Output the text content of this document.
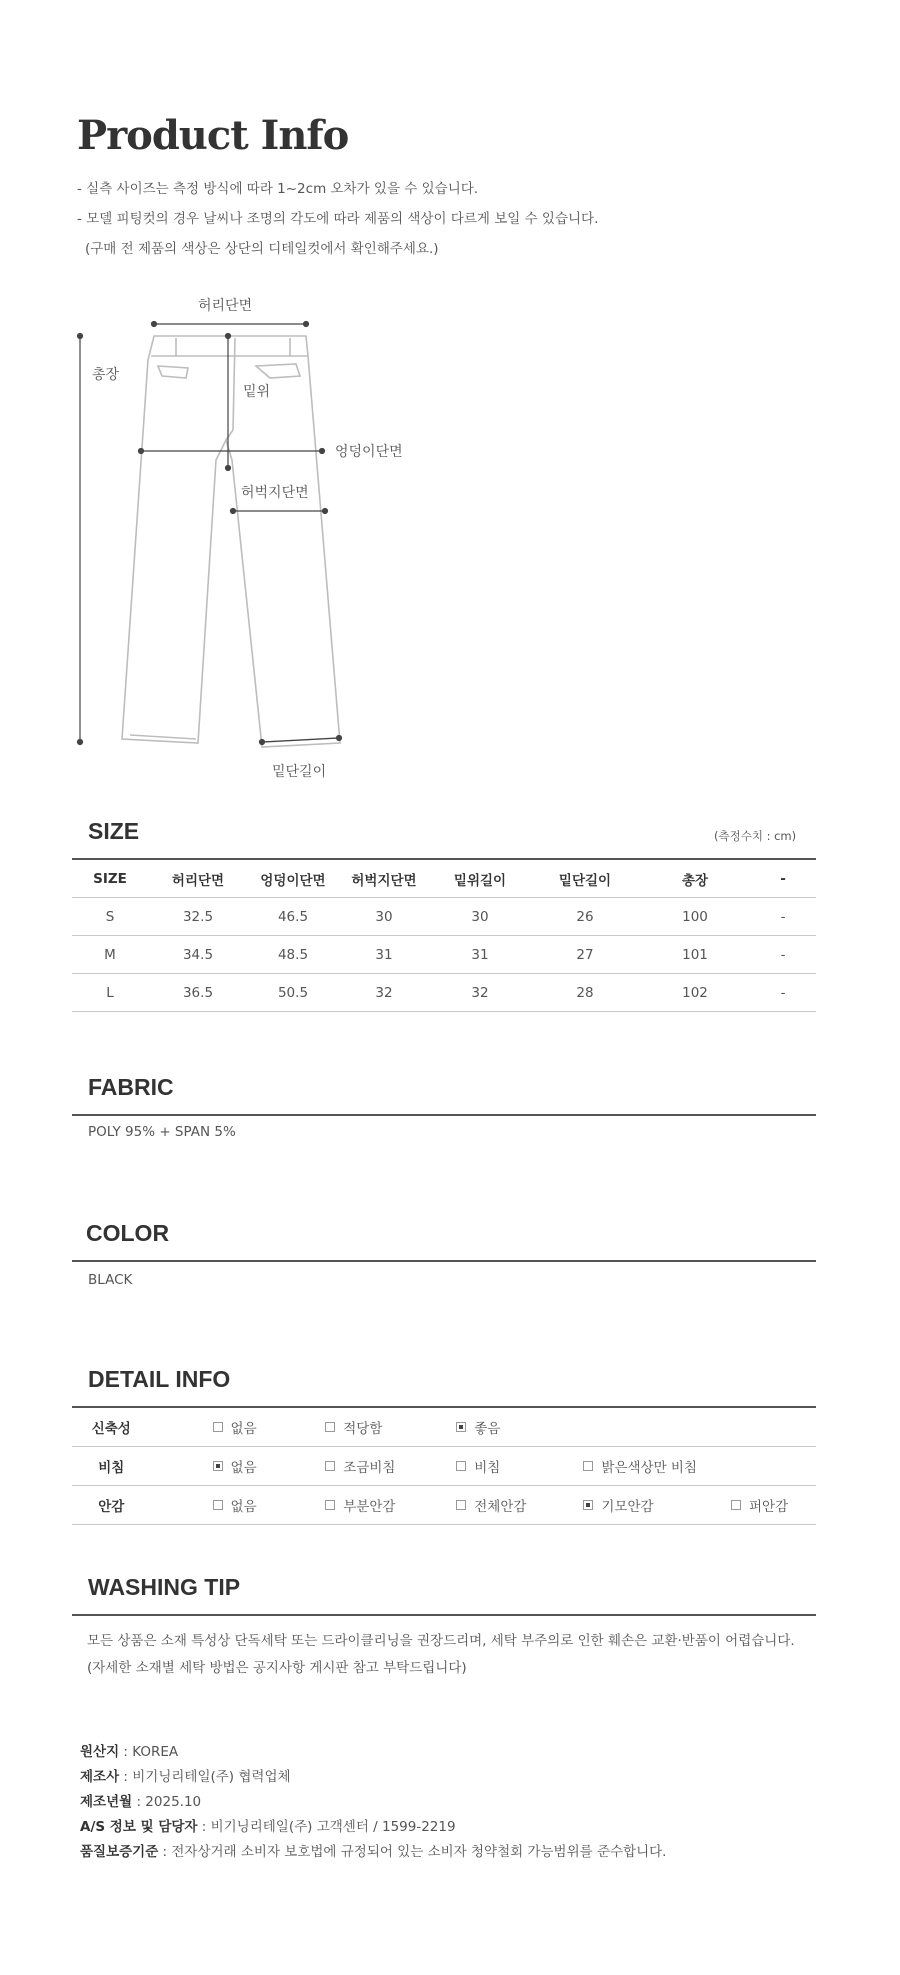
Product Info
- 실측 사이즈는 측정 방식에 따라 1~2cm 오차가 있을 수 있습니다.
- 모델 피팅컷의 경우 날씨나 조명의 각도에 따라 제품의 색상이 다르게 보일 수 있습니다.
(구매 전 제품의 색상은 상단의 디테일컷에서 확인해주세요.)
허리단면
총장
밑위
엉덩이단면
허벅지단면
밑단길이
SIZE	(측정수치 : cm)
SIZE	허리단면	엉덩이단면	허벅지단면	밑위길이	밑단길이	총장	-
S	32.5	46.5	30	30	26	100	-
M	34.5	48.5	31	31	27	101	-
L	36.5	50.5	32	32	28	102	-
FABRIC
POLY 95% + SPAN 5%
COLOR
BLACK
DETAIL INFO
신축성	없음	적당함	좋음		

비침	없음	조금비침	비침	밝은색상만 비침	

안감	없음	부분안감	전체안감	기모안감	퍼안감
WASHING TIP
모든 상품은 소재 특성상 단독세탁 또는 드라이클리닝을 권장드리며, 세탁 부주의로 인한 훼손은 교환·반품이 어렵습니다.
(자세한 소재별 세탁 방법은 공지사항 게시판 참고 부탁드립니다)
원산지 : KOREA
제조사 : 비기닝리테일(주) 협력업체
제조년월 : 2025.10
A/S 정보 및 담당자 : 비기닝리테일(주) 고객센터 / 1599-2219
품질보증기준 : 전자상거래 소비자 보호법에 규정되어 있는 소비자 청약철회 가능범위를 준수합니다.
